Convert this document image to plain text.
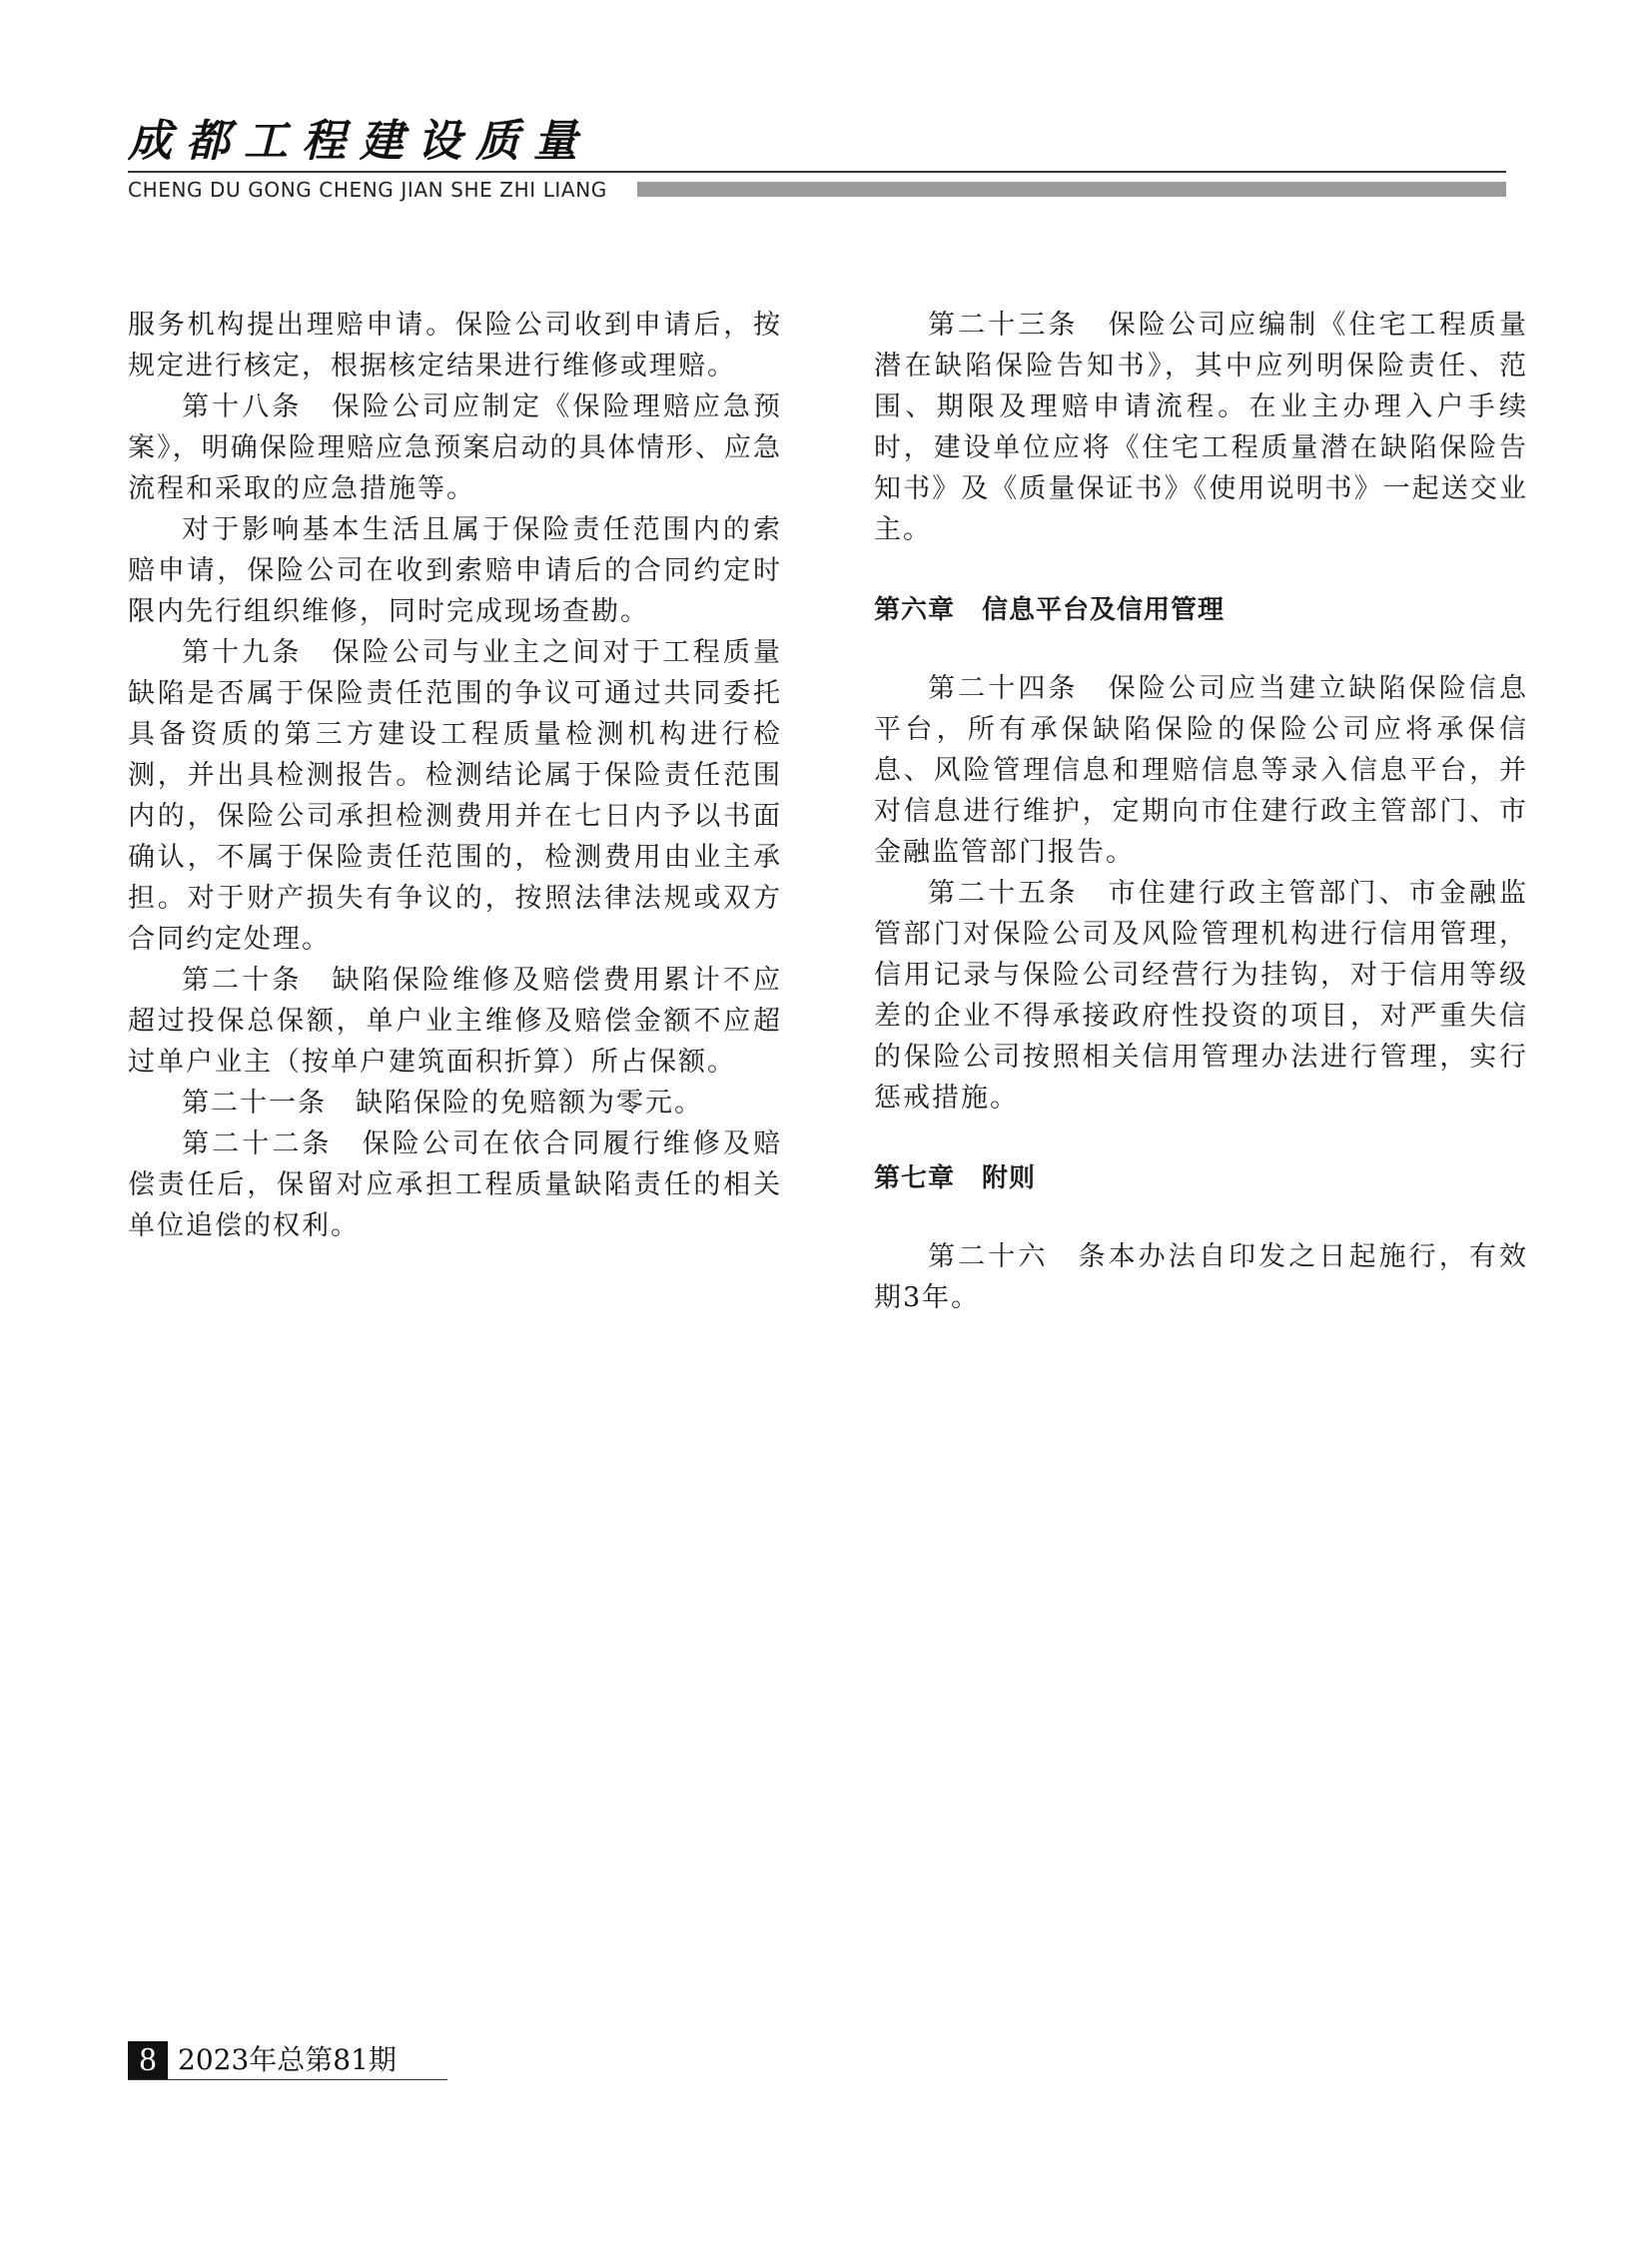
成都工程建设质量
CHENG DU GONG CHENG JIAN SHE ZHI LIANG

服务机构提出理赔申请。保险公司收到申请后，按规定进行核定，根据核定结果进行维修或理赔。

第十八条　保险公司应制定《保险理赔应急预案》，明确保险理赔应急预案启动的具体情形、应急流程和采取的应急措施等。

对于影响基本生活且属于保险责任范围内的索赔申请，保险公司在收到索赔申请后的合同约定时限内先行组织维修，同时完成现场查勘。

第十九条　保险公司与业主之间对于工程质量缺陷是否属于保险责任范围的争议可通过共同委托具备资质的第三方建设工程质量检测机构进行检测，并出具检测报告。检测结论属于保险责任范围内的，保险公司承担检测费用并在七日内予以书面确认，不属于保险责任范围的，检测费用由业主承担。对于财产损失有争议的，按照法律法规或双方合同约定处理。

第二十条　缺陷保险维修及赔偿费用累计不应超过投保总保额，单户业主维修及赔偿金额不应超过单户业主（按单户建筑面积折算）所占保额。

第二十一条　缺陷保险的免赔额为零元。

第二十二条　保险公司在依合同履行维修及赔偿责任后，保留对应承担工程质量缺陷责任的相关单位追偿的权利。

第二十三条　保险公司应编制《住宅工程质量潜在缺陷保险告知书》，其中应列明保险责任、范围、期限及理赔申请流程。在业主办理入户手续时，建设单位应将《住宅工程质量潜在缺陷保险告知书》及《质量保证书》《使用说明书》一起送交业主。

第六章　信息平台及信用管理

第二十四条　保险公司应当建立缺陷保险信息平台，所有承保缺陷保险的保险公司应将承保信息、风险管理信息和理赔信息等录入信息平台，并对信息进行维护，定期向市住建行政主管部门、市金融监管部门报告。

第二十五条　市住建行政主管部门、市金融监管部门对保险公司及风险管理机构进行信用管理，信用记录与保险公司经营行为挂钩，对于信用等级差的企业不得承接政府性投资的项目，对严重失信的保险公司按照相关信用管理办法进行管理，实行惩戒措施。

第七章　附则

第二十六　条本办法自印发之日起施行，有效期3年。

8 2023年总第81期
